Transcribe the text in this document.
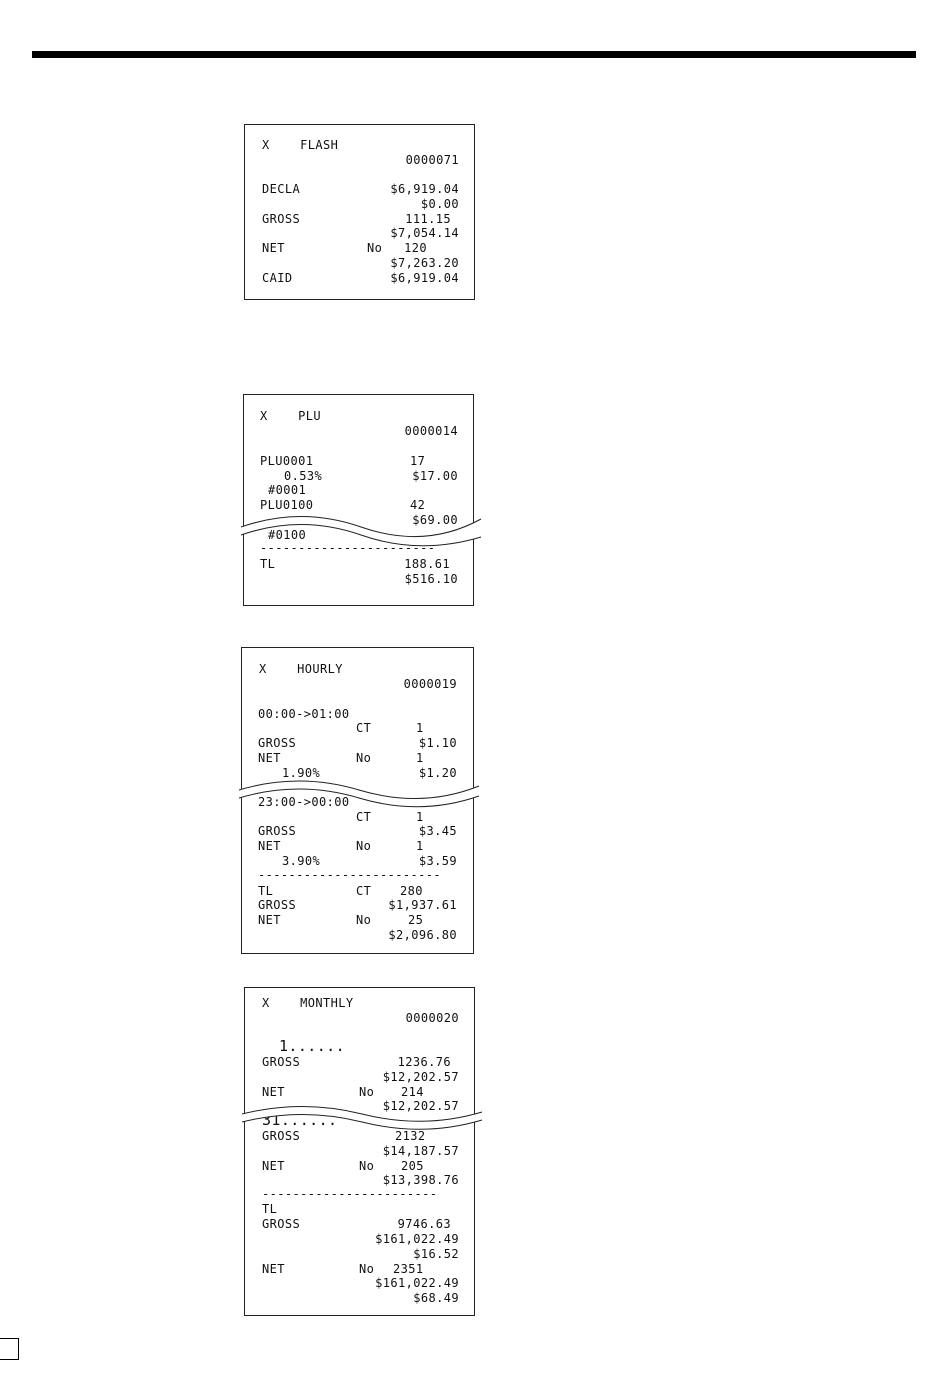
X    FLASH
0000071
DECLA	$6,919.04
$0.00
GROSS	111.15
$7,054.14
NET	No 120
$7,263.20
CAID	$6,919.04
X    PLU
0000014
PLU0001	17
0.53%	$17.00
#0001
PLU0100	42
$69.00
#0100
-----------------------
TL	188.61
$516.10
X    HOURLY
0000019
00:00->01:00
CT	1
GROSS	$1.10
NET	No	1
1.90%	$1.20
23:00->00:00
CT	1
GROSS	$3.45
NET	No	1
3.90%	$3.59
------------------------
TL	CT 280
GROSS	$1,937.61
NET	No	25
$2,096.80
X    MONTHLY
0000020
1......
GROSS	1236.76
$12,202.57
NET	No 214
$12,202.57
31......
GROSS	2132
$14,187.57
NET	No 205
$13,398.76
-----------------------
TL
GROSS	9746.63
$161,022.49
$16.52
NET	No 2351
$161,022.49
$68.49
